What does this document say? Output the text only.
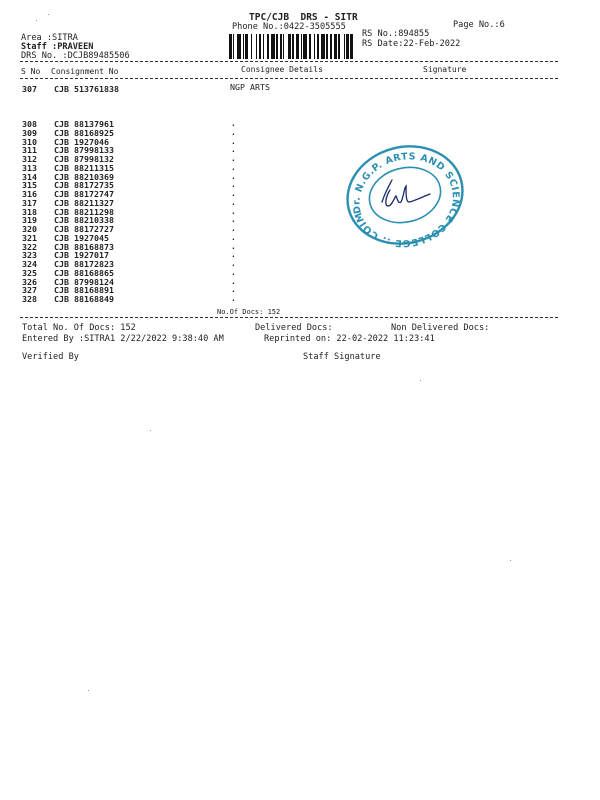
TPC/CJB  DRS - SITR
Phone No.:0422-3505555	Page No.:6
Area :SITRA
Staff :PRAVEEN
DRS No. :DCJB89485506
RS No.:894855
RS Date:22-Feb-2022
S No Consignment No	Consignee Details	Signature
307 CJB 513761838	NGP ARTS
308 CJB 88137961	.
309 CJB 88168925	.
310 CJB 1927046	.
311 CJB 87998133	.
312 CJB 87998132	.
313 CJB 88211315	.
314 CJB 88210369	.
315 CJB 88172735	.
316 CJB 88172747	.
317 CJB 88211327	.
318 CJB 88211298	.
319 CJB 88210338	.
320 CJB 88172727	.
321 CJB 1927045	.
322 CJB 88168873	.
323 CJB 1927017	.
324 CJB 88172823	.
325 CJB 88168865	.
326 CJB 87998124	.
327 CJB 88168891	.
328 CJB 88168849	.
No.Of Docs: 152
Total No. Of Docs: 152	Delivered Docs:	Non Delivered Docs:
Entered By :SITRA1 2/22/2022 9:38:40 AM	Reprinted on: 22-02-2022 11:23:41
Verified By	Staff Signature
Dr. N.G.P. ARTS AND SCIENCE COLLEGE :: COIMBATORE-48
